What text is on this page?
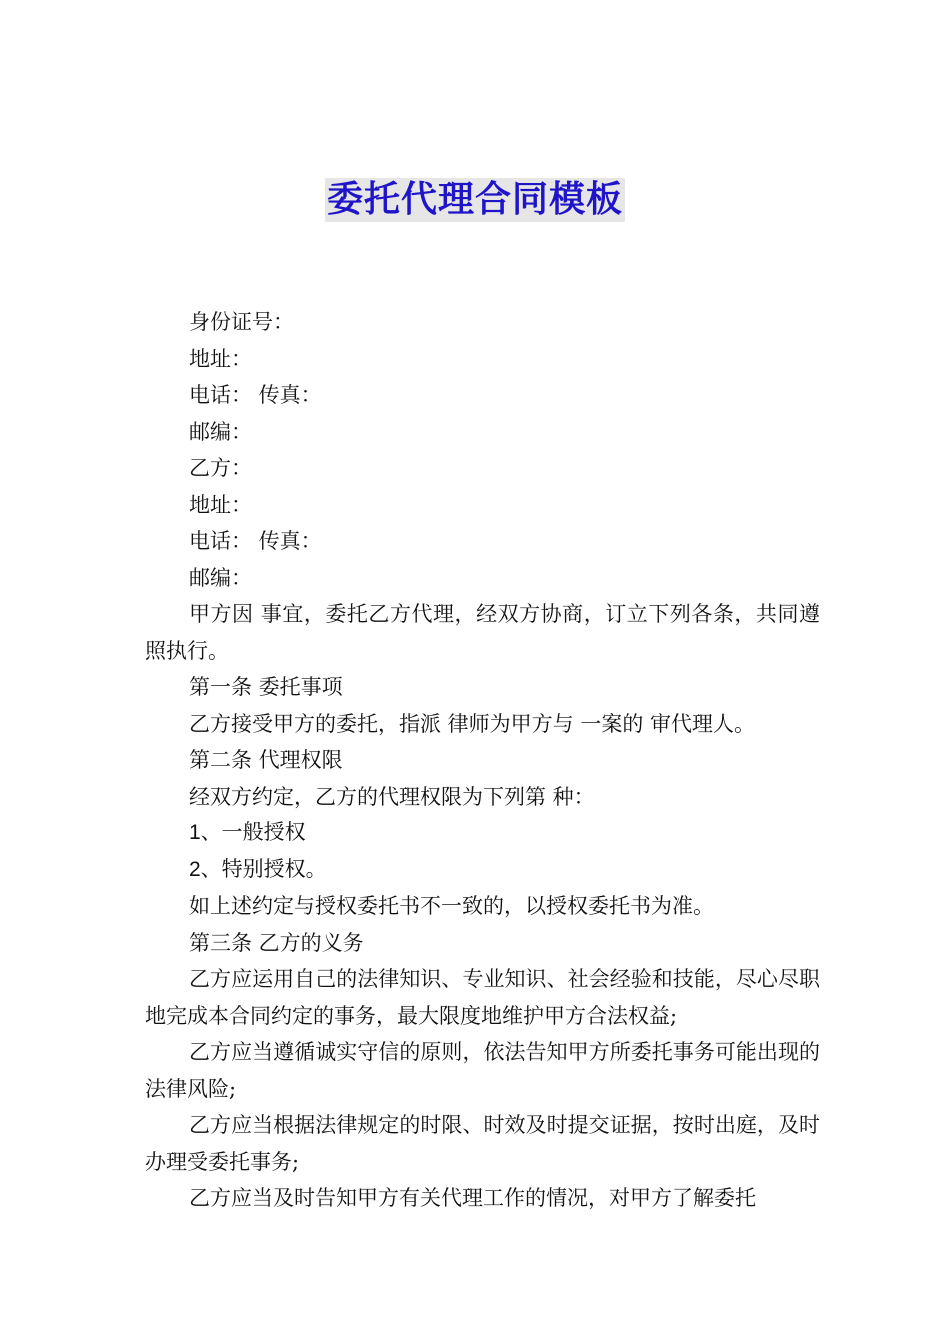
委托代理合同模板
身份证号：
地址：
电话： 传真：
邮编：
乙方：
地址：
电话： 传真：
邮编：

甲方因 事宜，委托乙方代理，经双方协商，订立下列各条，共同遵照执行。

第一条 委托事项

乙方接受甲方的委托，指派 律师为甲方与 一案的 审代理人。

第二条 代理权限

经双方约定，乙方的代理权限为下列第 种：

1、一般授权

2、特别授权。

如上述约定与授权委托书不一致的，以授权委托书为准。

第三条 乙方的义务

乙方应运用自己的法律知识、专业知识、社会经验和技能，尽心尽职地完成本合同约定的事务，最大限度地维护甲方合法权益;

乙方应当遵循诚实守信的原则，依法告知甲方所委托事务可能出现的法律风险;

乙方应当根据法律规定的时限、时效及时提交证据，按时出庭，及时办理受委托事务;

乙方应当及时告知甲方有关代理工作的情况，对甲方了解委托
